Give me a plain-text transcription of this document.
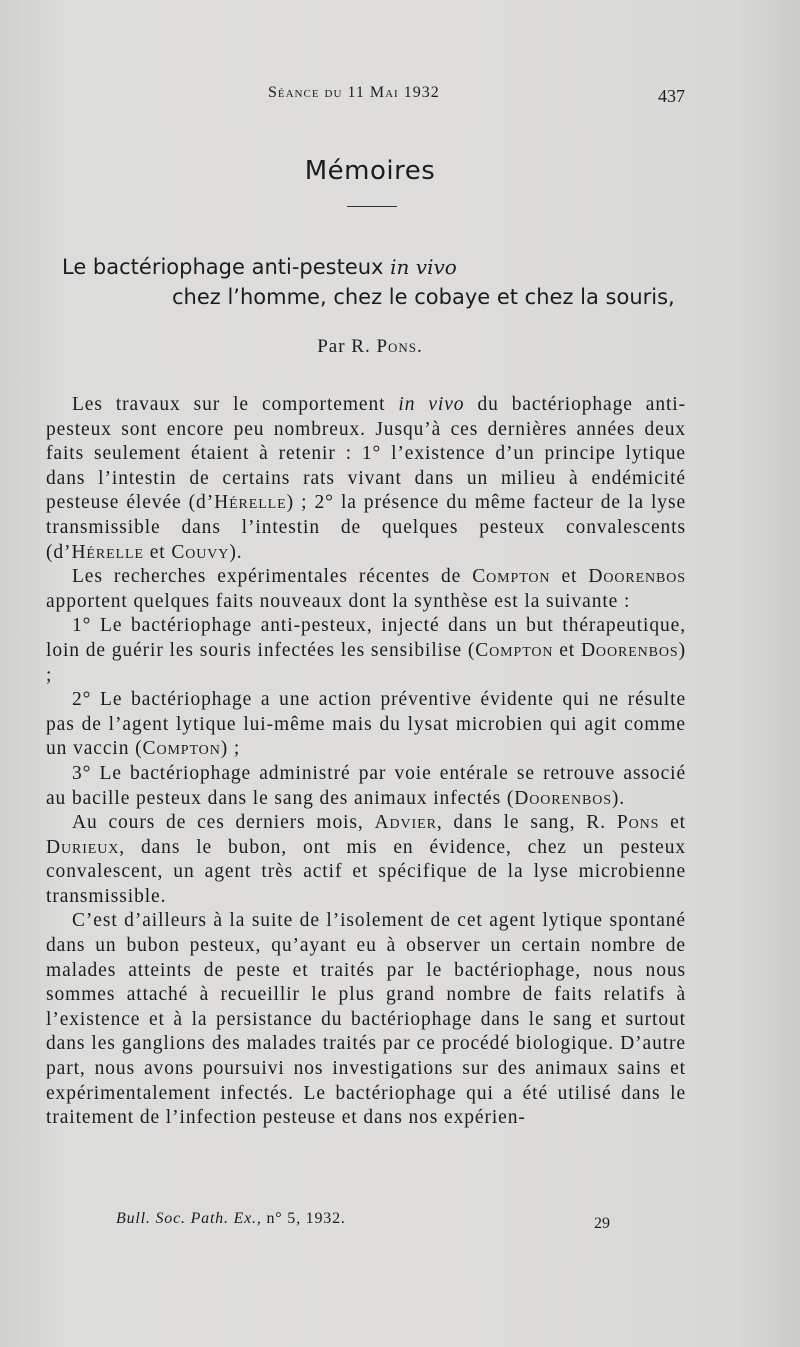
Séance du 11 Mai 1932	437
Mémoires
Le bactériophage anti-pesteux in vivo
chez l’homme, chez le cobaye et chez la souris,
Par R. Pons.

Les travaux sur le comportement in vivo du bactériophage anti-pesteux sont encore peu nombreux. Jusqu’à ces dernières années deux faits seulement étaient à retenir : 1° l’existence d’un principe lytique dans l’intestin de certains rats vivant dans un milieu à endémicité pesteuse élevée (d’Hérelle) ; 2° la présence du même facteur de la lyse transmissible dans l’intestin de quelques pesteux convalescents (d’Hérelle et Couvy).

Les recherches expérimentales récentes de Compton et Doorenbos apportent quelques faits nouveaux dont la synthèse est la suivante :

1° Le bactériophage anti-pesteux, injecté dans un but thérapeutique, loin de guérir les souris infectées les sensibilise (Compton et Doorenbos) ;

2° Le bactériophage a une action préventive évidente qui ne résulte pas de l’agent lytique lui-même mais du lysat microbien qui agit comme un vaccin (Compton) ;

3° Le bactériophage administré par voie entérale se retrouve associé au bacille pesteux dans le sang des animaux infectés (Doorenbos).

Au cours de ces derniers mois, Advier, dans le sang, R. Pons et Durieux, dans le bubon, ont mis en évidence, chez un pesteux convalescent, un agent très actif et spécifique de la lyse microbienne transmissible.

C’est d’ailleurs à la suite de l’isolement de cet agent lytique spontané dans un bubon pesteux, qu’ayant eu à observer un certain nombre de malades atteints de peste et traités par le bactériophage, nous nous sommes attaché à recueillir le plus grand nombre de faits relatifs à l’existence et à la persistance du bactériophage dans le sang et surtout dans les ganglions des malades traités par ce procédé biologique. D’autre part, nous avons poursuivi nos investigations sur des animaux sains et expérimentalement infectés. Le bactériophage qui a été utilisé dans le traitement de l’infection pesteuse et dans nos expérien-

Bull. Soc. Path. Ex., n° 5, 1932.	29
